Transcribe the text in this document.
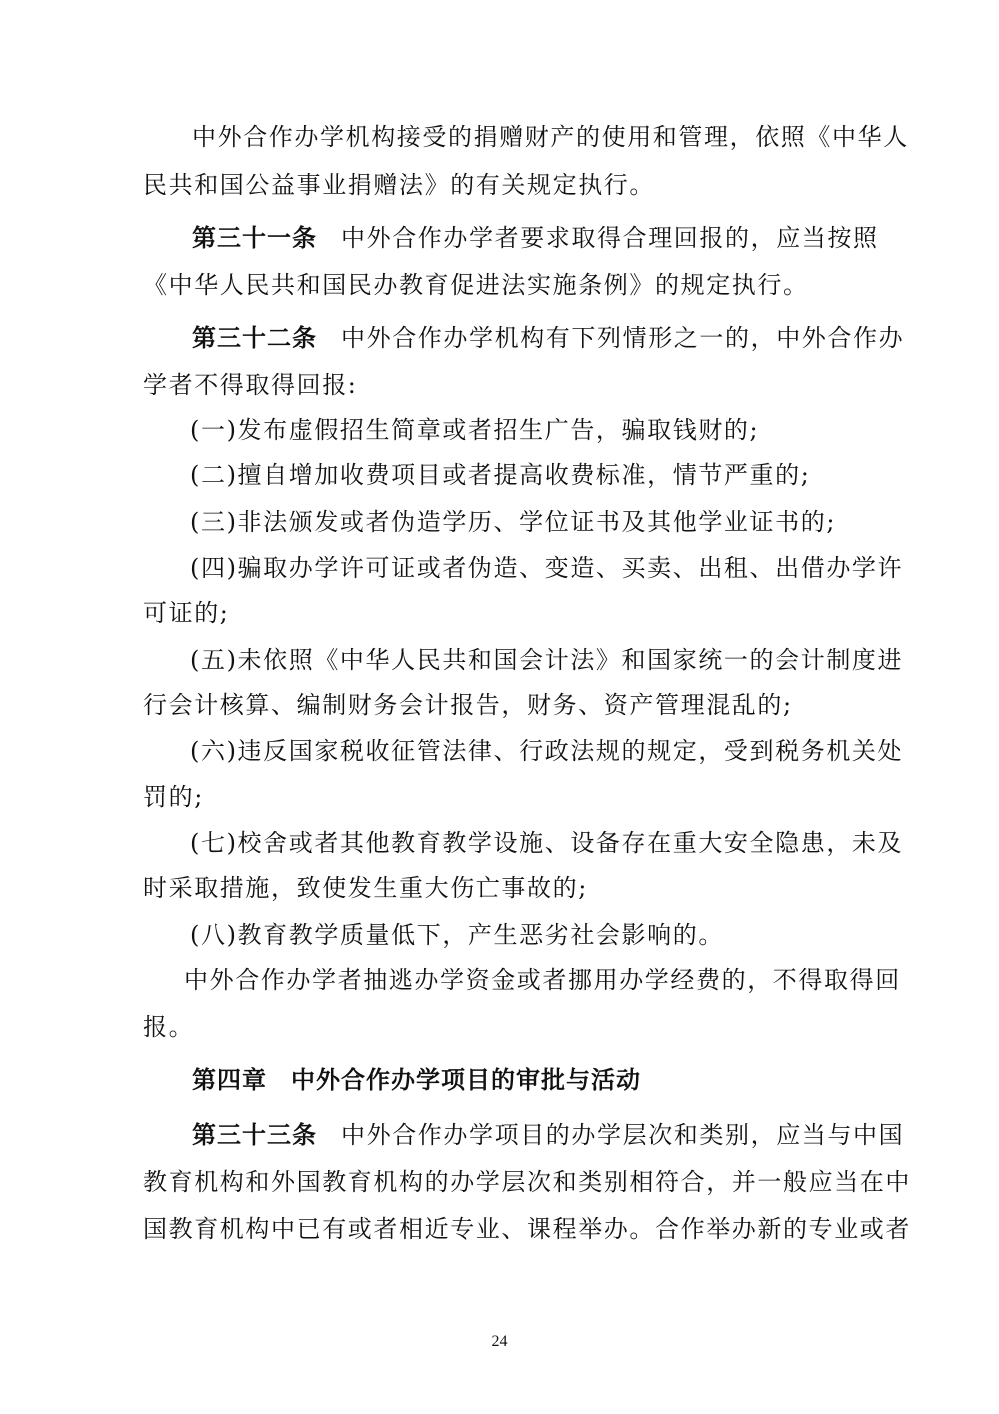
中外合作办学机构接受的捐赠财产的使用和管理，依照《中华人
民共和国公益事业捐赠法》的有关规定执行。
第三十一条 中外合作办学者要求取得合理回报的，应当按照
《中华人民共和国民办教育促进法实施条例》的规定执行。
第三十二条 中外合作办学机构有下列情形之一的，中外合作办
学者不得取得回报:
(一)发布虚假招生简章或者招生广告，骗取钱财的;
(二)擅自增加收费项目或者提高收费标准，情节严重的;
(三)非法颁发或者伪造学历、学位证书及其他学业证书的;
(四)骗取办学许可证或者伪造、变造、买卖、出租、出借办学许
可证的;
(五)未依照《中华人民共和国会计法》和国家统一的会计制度进
行会计核算、编制财务会计报告，财务、资产管理混乱的;
(六)违反国家税收征管法律、行政法规的规定，受到税务机关处
罚的;
(七)校舍或者其他教育教学设施、设备存在重大安全隐患，未及
时采取措施，致使发生重大伤亡事故的;
(八)教育教学质量低下，产生恶劣社会影响的。
中外合作办学者抽逃办学资金或者挪用办学经费的，不得取得回
报。
第四章 中外合作办学项目的审批与活动
第三十三条 中外合作办学项目的办学层次和类别，应当与中国
教育机构和外国教育机构的办学层次和类别相符合，并一般应当在中
国教育机构中已有或者相近专业、课程举办。合作举办新的专业或者
24
